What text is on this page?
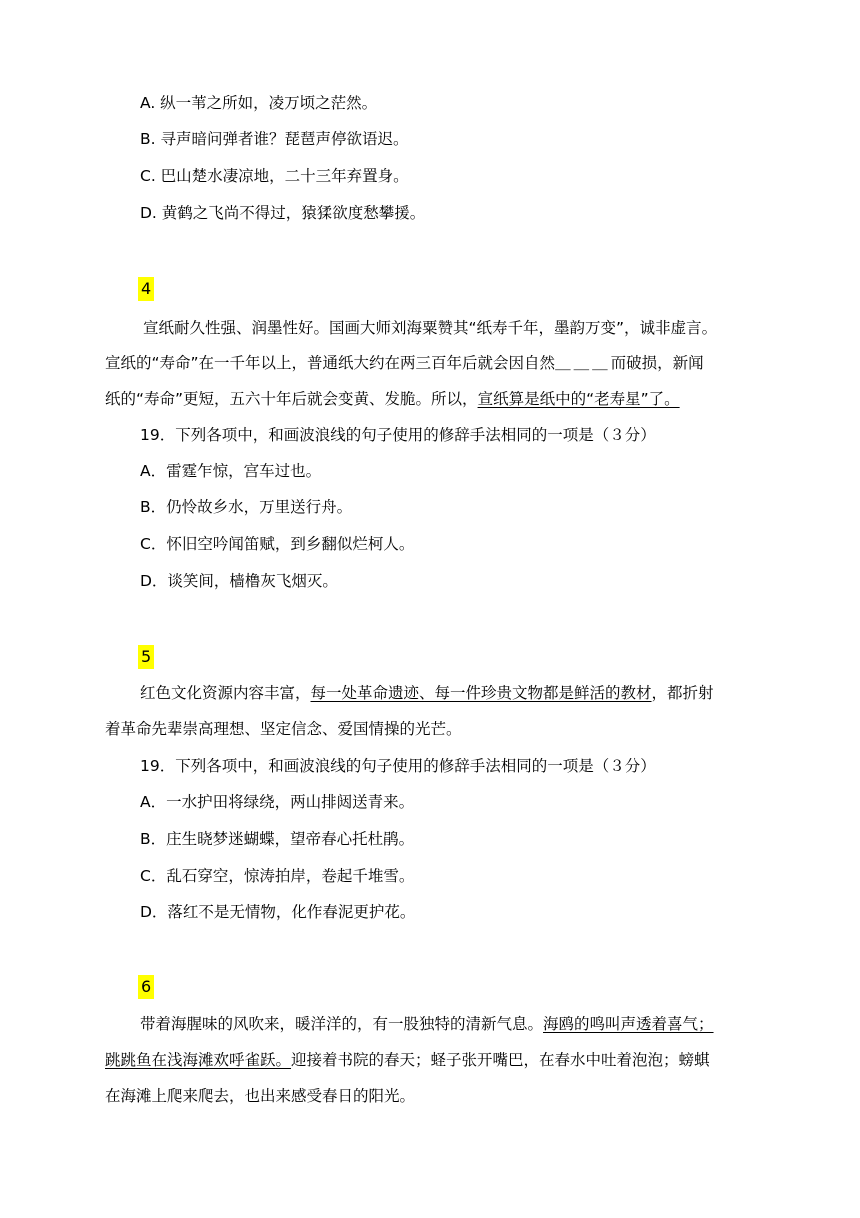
A. 纵一苇之所如，凌万顷之茫然。
B. 寻声暗问弹者谁？琵琶声停欲语迟。
C. 巴山楚水凄凉地，二十三年弃置身。
D. 黄鹤之飞尚不得过，猿猱欲度愁攀援。
4
宣纸耐久性强、润墨性好。国画大师刘海粟赞其“纸寿千年，墨韵万变”，诚非虚言。
宣纸的“寿命”在一千年以上，普通纸大约在两三百年后就会因自然＿＿＿而破损，新闻
纸的“寿命”更短，五六十年后就会变黄、发脆。所以，宣纸算是纸中的“老寿星”了。
19．下列各项中，和画波浪线的句子使用的修辞手法相同的一项是（３分）
A．雷霆乍惊，宫车过也。
B．仍怜故乡水，万里送行舟。
C．怀旧空吟闻笛赋，到乡翻似烂柯人。
D．谈笑间，樯橹灰飞烟灭。
5
红色文化资源内容丰富，每一处革命遗迹、每一件珍贵文物都是鲜活的教材，都折射
着革命先辈崇高理想、坚定信念、爱国情操的光芒。
19．下列各项中，和画波浪线的句子使用的修辞手法相同的一项是（３分）
A．一水护田将绿绕，两山排闼送青来。
B．庄生晓梦迷蝴蝶，望帝春心托杜鹃。
C．乱石穿空，惊涛拍岸，卷起千堆雪。
D．落红不是无情物，化作春泥更护花。
6
带着海腥味的风吹来，暖洋洋的，有一股独特的清新气息。海鸥的鸣叫声透着喜气；
跳跳鱼在浅海滩欢呼雀跃。迎接着书院的春天；蛏子张开嘴巴，在春水中吐着泡泡；螃蜞
在海滩上爬来爬去，也出来感受春日的阳光。
